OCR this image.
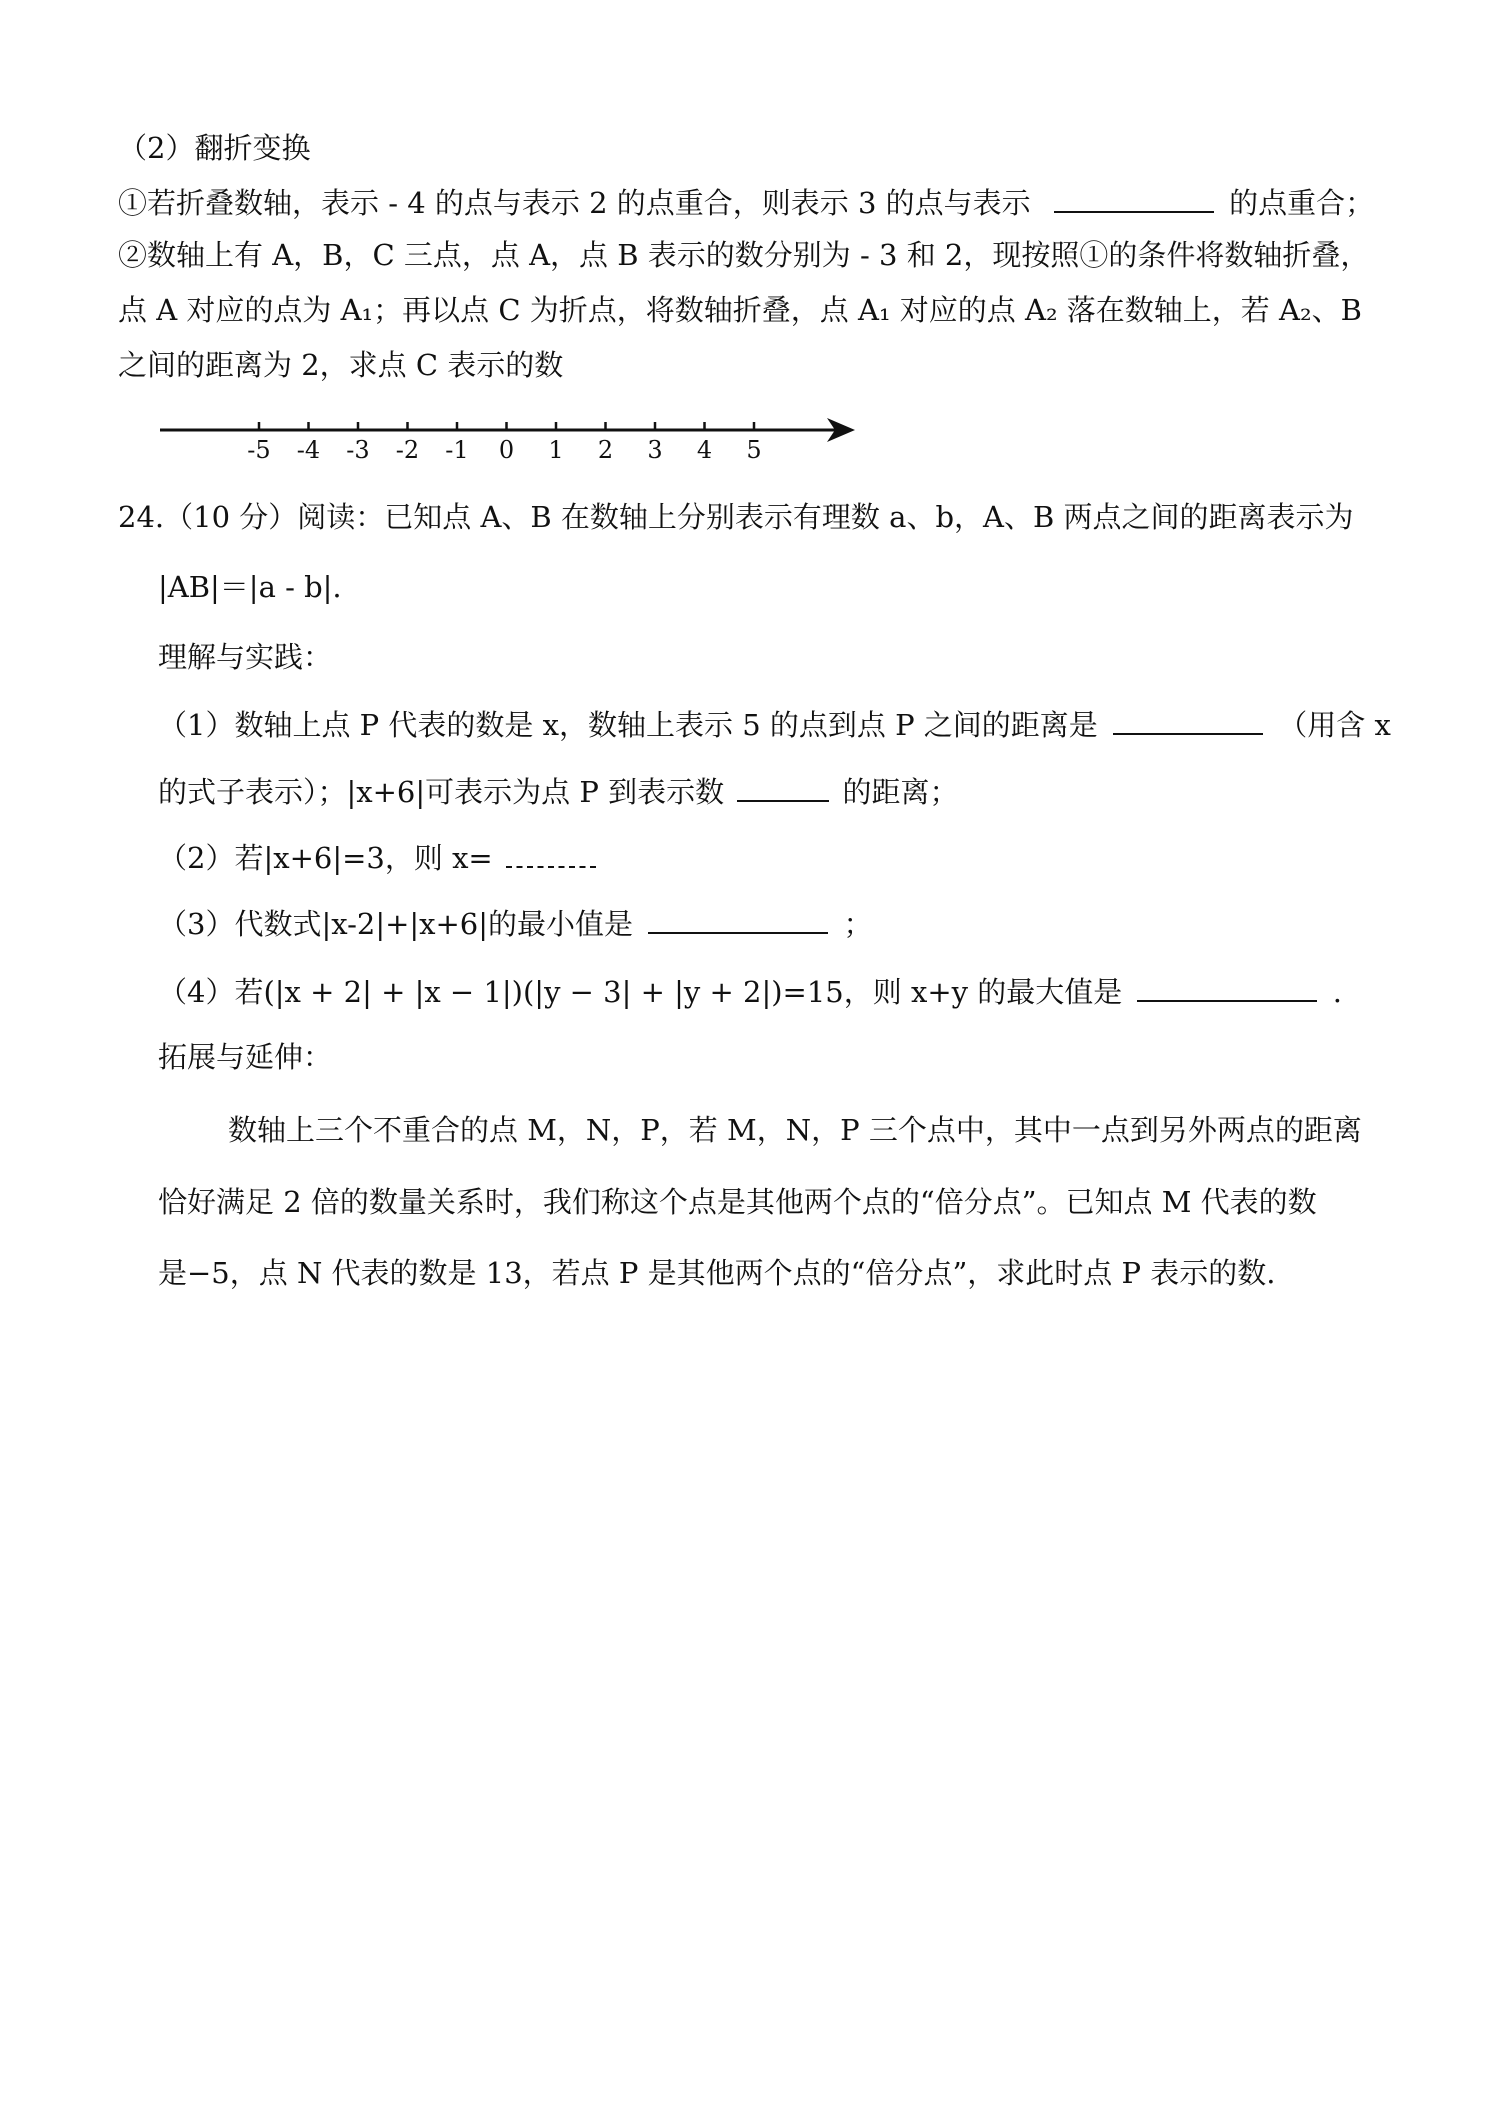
（2）翻折变换
①若折叠数轴，表示 - 4 的点与表示 2 的点重合，则表示 3 的点与表示	的点重合；
②数轴上有 A，B，C 三点，点 A，点 B 表示的数分别为 - 3 和 2，现按照①的条件将数轴折叠，
点 A 对应的点为 A₁；再以点 C 为折点，将数轴折叠，点 A₁ 对应的点 A₂ 落在数轴上，若 A₂、B
之间的距离为 2，求点 C 表示的数
-5 -4 -3 -2 -1 0 1 2 3 4 5
24.（10 分）阅读：已知点 A、B 在数轴上分别表示有理数 a、b，A、B 两点之间的距离表示为
|AB|＝|a - b|.
理解与实践：
（1）数轴上点 P 代表的数是 x，数轴上表示 5 的点到点 P 之间的距离是	（用含 x
的式子表示）；|x+6|可表示为点 P 到表示数	的距离；
（2）若|x+6|=3，则 x=
（3）代数式|x-2|+|x+6|的最小值是	；
（4）若(|x + 2| + |x − 1|)(|y − 3| + |y + 2|)=15，则 x+y 的最大值是	.
拓展与延伸：
数轴上三个不重合的点 M，N，P，若 M，N，P 三个点中，其中一点到另外两点的距离
恰好满足 2 倍的数量关系时，我们称这个点是其他两个点的“倍分点”。已知点 M 代表的数
是−5，点 N 代表的数是 13，若点 P 是其他两个点的“倍分点”，求此时点 P 表示的数.
